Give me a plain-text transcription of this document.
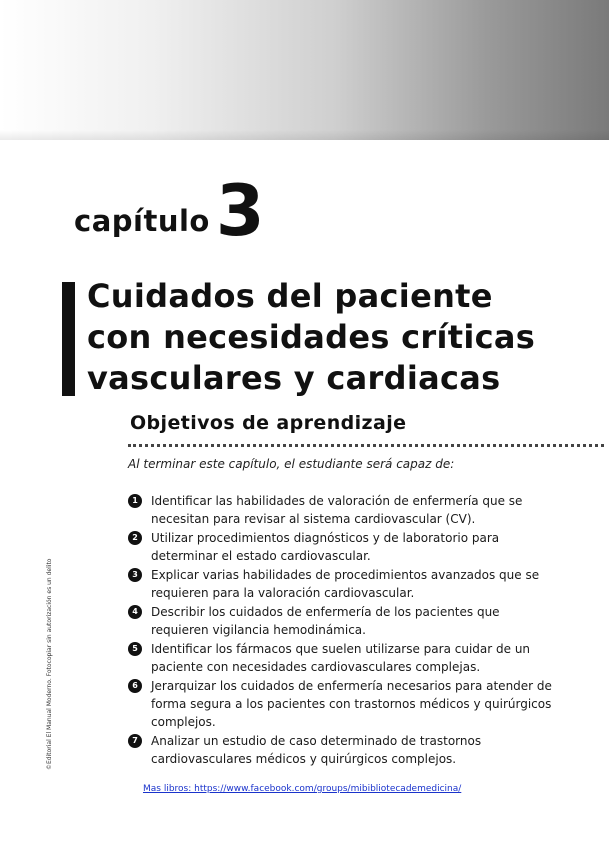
capítulo 3
Cuidados del paciente
con necesidades críticas
vasculares y cardiacas
Objetivos de aprendizaje
Al terminar este capítulo, el estudiante será capaz de:
1	Identificar las habilidades de valoración de enfermería que se necesitan para revisar al sistema cardiovascular (CV).
2	Utilizar procedimientos diagnósticos y de laboratorio para determinar el estado cardiovascular.
3	Explicar varias habilidades de procedimientos avanzados que se requieren para la valoración cardiovascular.
4	Describir los cuidados de enfermería de los pacientes que requieren vigilancia hemodinámica.
5	Identificar los fármacos que suelen utilizarse para cuidar de un paciente con necesidades cardiovasculares complejas.
6	Jerarquizar los cuidados de enfermería necesarios para atender de forma segura a los pacientes con trastornos médicos y quirúrgicos complejos.
7	Analizar un estudio de caso determinado de trastornos cardiovasculares médicos y quirúrgicos complejos.
©Editorial El Manual Moderno. Fotocopiar sin autorización es un delito
Mas libros: https://www.facebook.com/groups/mibibliotecademedicina/
